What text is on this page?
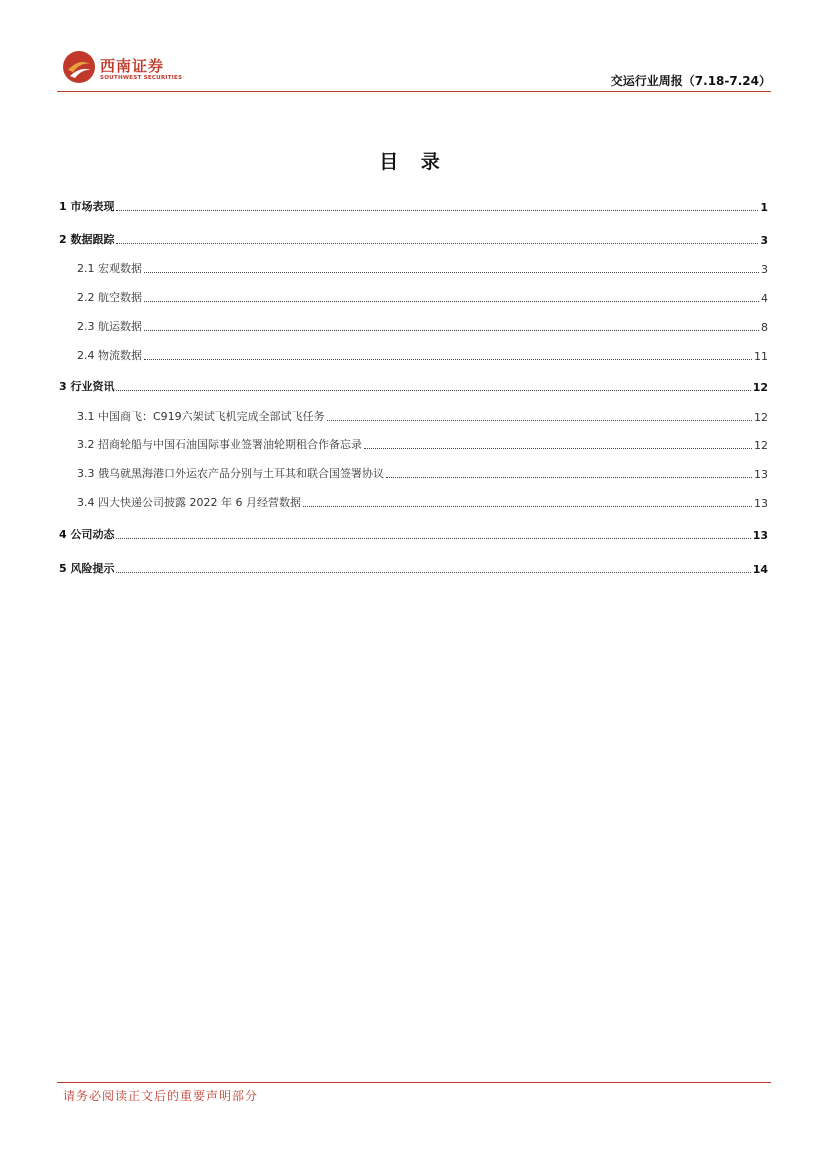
西南证券
SOUTHWEST SECURITIES	交运行业周报（7.18-7.24）
目 录
1 市场表现	1
2 数据跟踪	3
2.1 宏观数据	3
2.2 航空数据	4
2.3 航运数据	8
2.4 物流数据	11
3 行业资讯	12
3.1 中国商飞：C919六架试飞机完成全部试飞任务	12
3.2 招商轮船与中国石油国际事业签署油轮期租合作备忘录	12
3.3 俄乌就黑海港口外运农产品分别与土耳其和联合国签署协议	13
3.4 四大快递公司披露 2022 年 6 月经营数据	13
4 公司动态	13
5 风险提示	14
请务必阅读正文后的重要声明部分
